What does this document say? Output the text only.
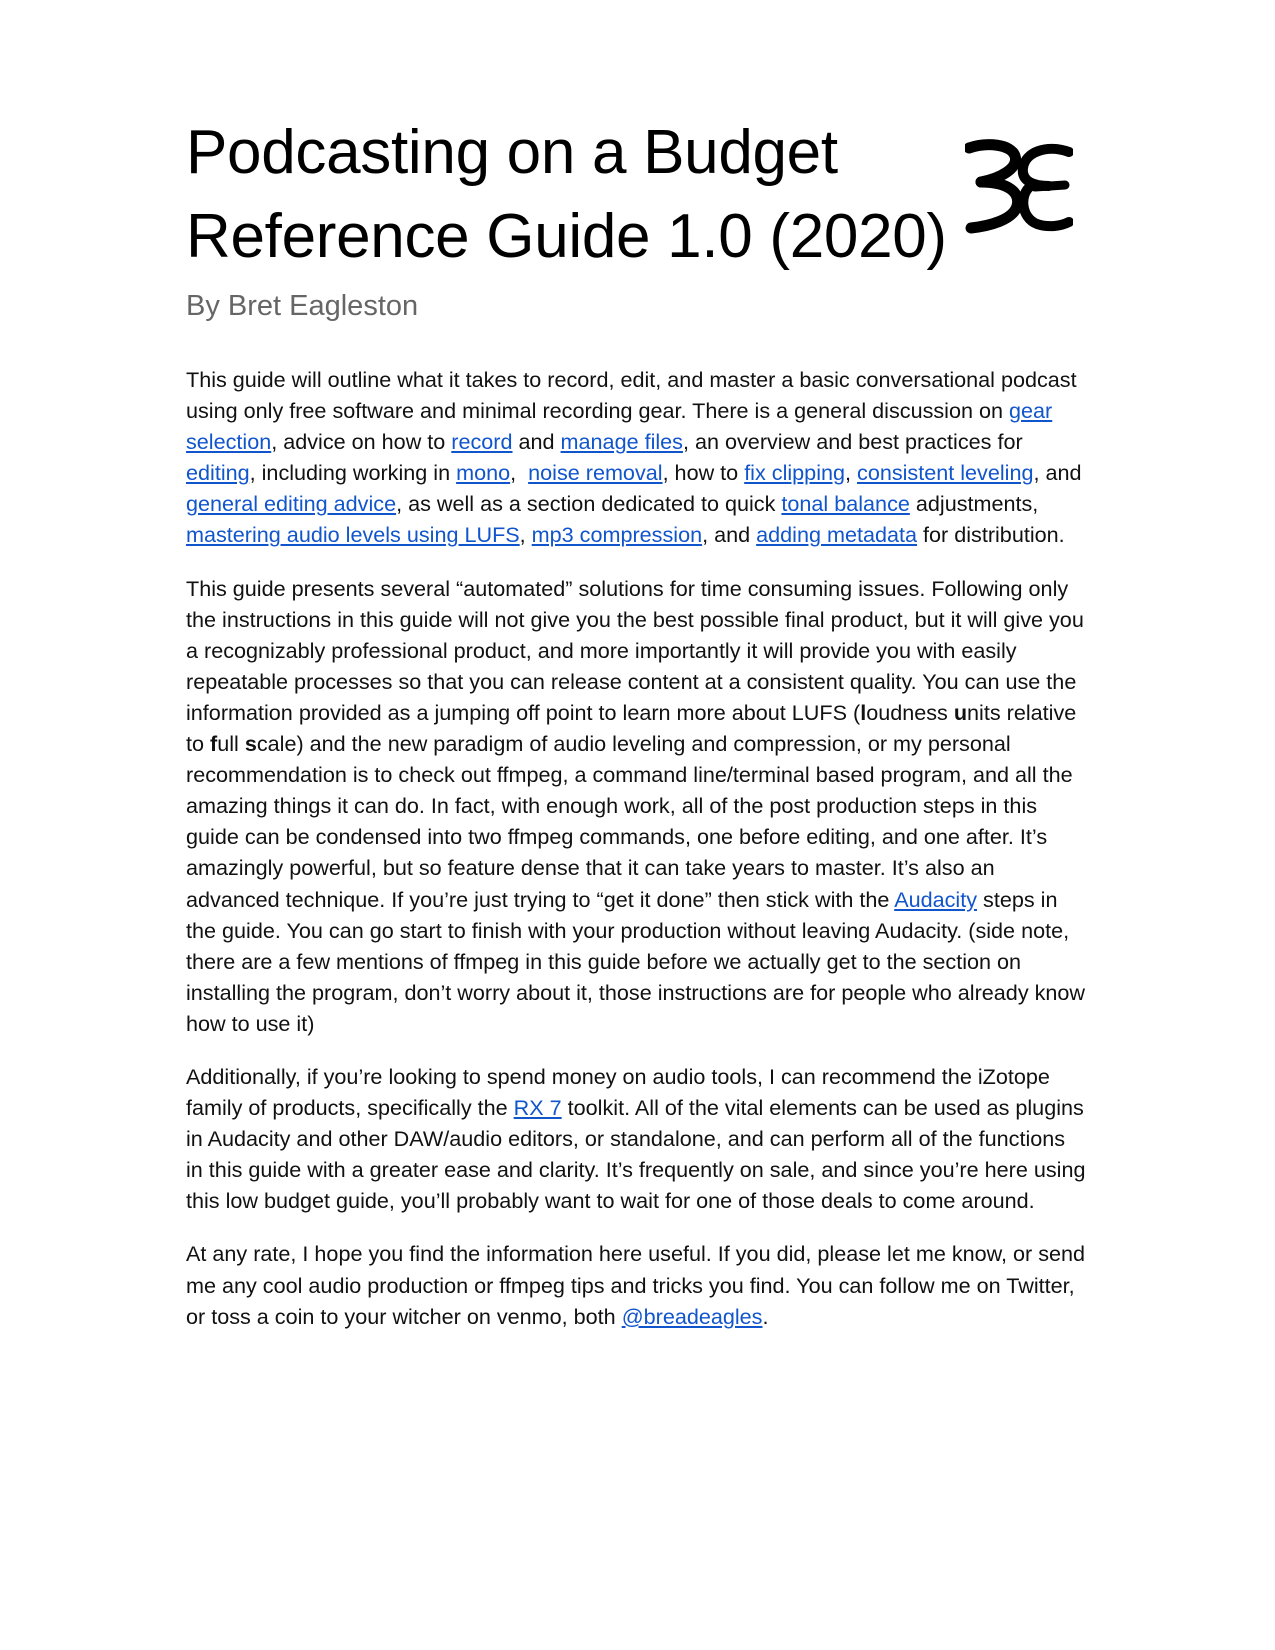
Podcasting on a Budget
Reference Guide 1.0 (2020)
By Bret Eagleston

This guide will outline what it takes to record, edit, and master a basic conversational podcast using only free software and minimal recording gear. There is a general discussion on gear selection, advice on how to record and manage files, an overview and best practices for editing, including working in mono,  noise removal, how to fix clipping, consistent leveling, and general editing advice, as well as a section dedicated to quick tonal balance adjustments, mastering audio levels using LUFS, mp3 compression, and adding metadata for distribution.

This guide presents several “automated” solutions for time consuming issues. Following only the instructions in this guide will not give you the best possible final product, but it will give you a recognizably professional product, and more importantly it will provide you with easily repeatable processes so that you can release content at a consistent quality. You can use the information provided as a jumping off point to learn more about LUFS (loudness units relative to full scale) and the new paradigm of audio leveling and compression, or my personal recommendation is to check out ffmpeg, a command line/terminal based program, and all the amazing things it can do. In fact, with enough work, all of the post production steps in this guide can be condensed into two ffmpeg commands, one before editing, and one after. It’s amazingly powerful, but so feature dense that it can take years to master. It’s also an advanced technique. If you’re just trying to “get it done” then stick with the Audacity steps in the guide. You can go start to finish with your production without leaving Audacity. (side note, there are a few mentions of ffmpeg in this guide before we actually get to the section on installing the program, don’t worry about it, those instructions are for people who already know how to use it)

Additionally, if you’re looking to spend money on audio tools, I can recommend the iZotope family of products, specifically the RX 7 toolkit. All of the vital elements can be used as plugins in Audacity and other DAW/audio editors, or standalone, and can perform all of the functions in this guide with a greater ease and clarity. It’s frequently on sale, and since you’re here using this low budget guide, you’ll probably want to wait for one of those deals to come around.

At any rate, I hope you find the information here useful. If you did, please let me know, or send me any cool audio production or ffmpeg tips and tricks you find. You can follow me on Twitter, or toss a coin to your witcher on venmo, both @breadeagles.
